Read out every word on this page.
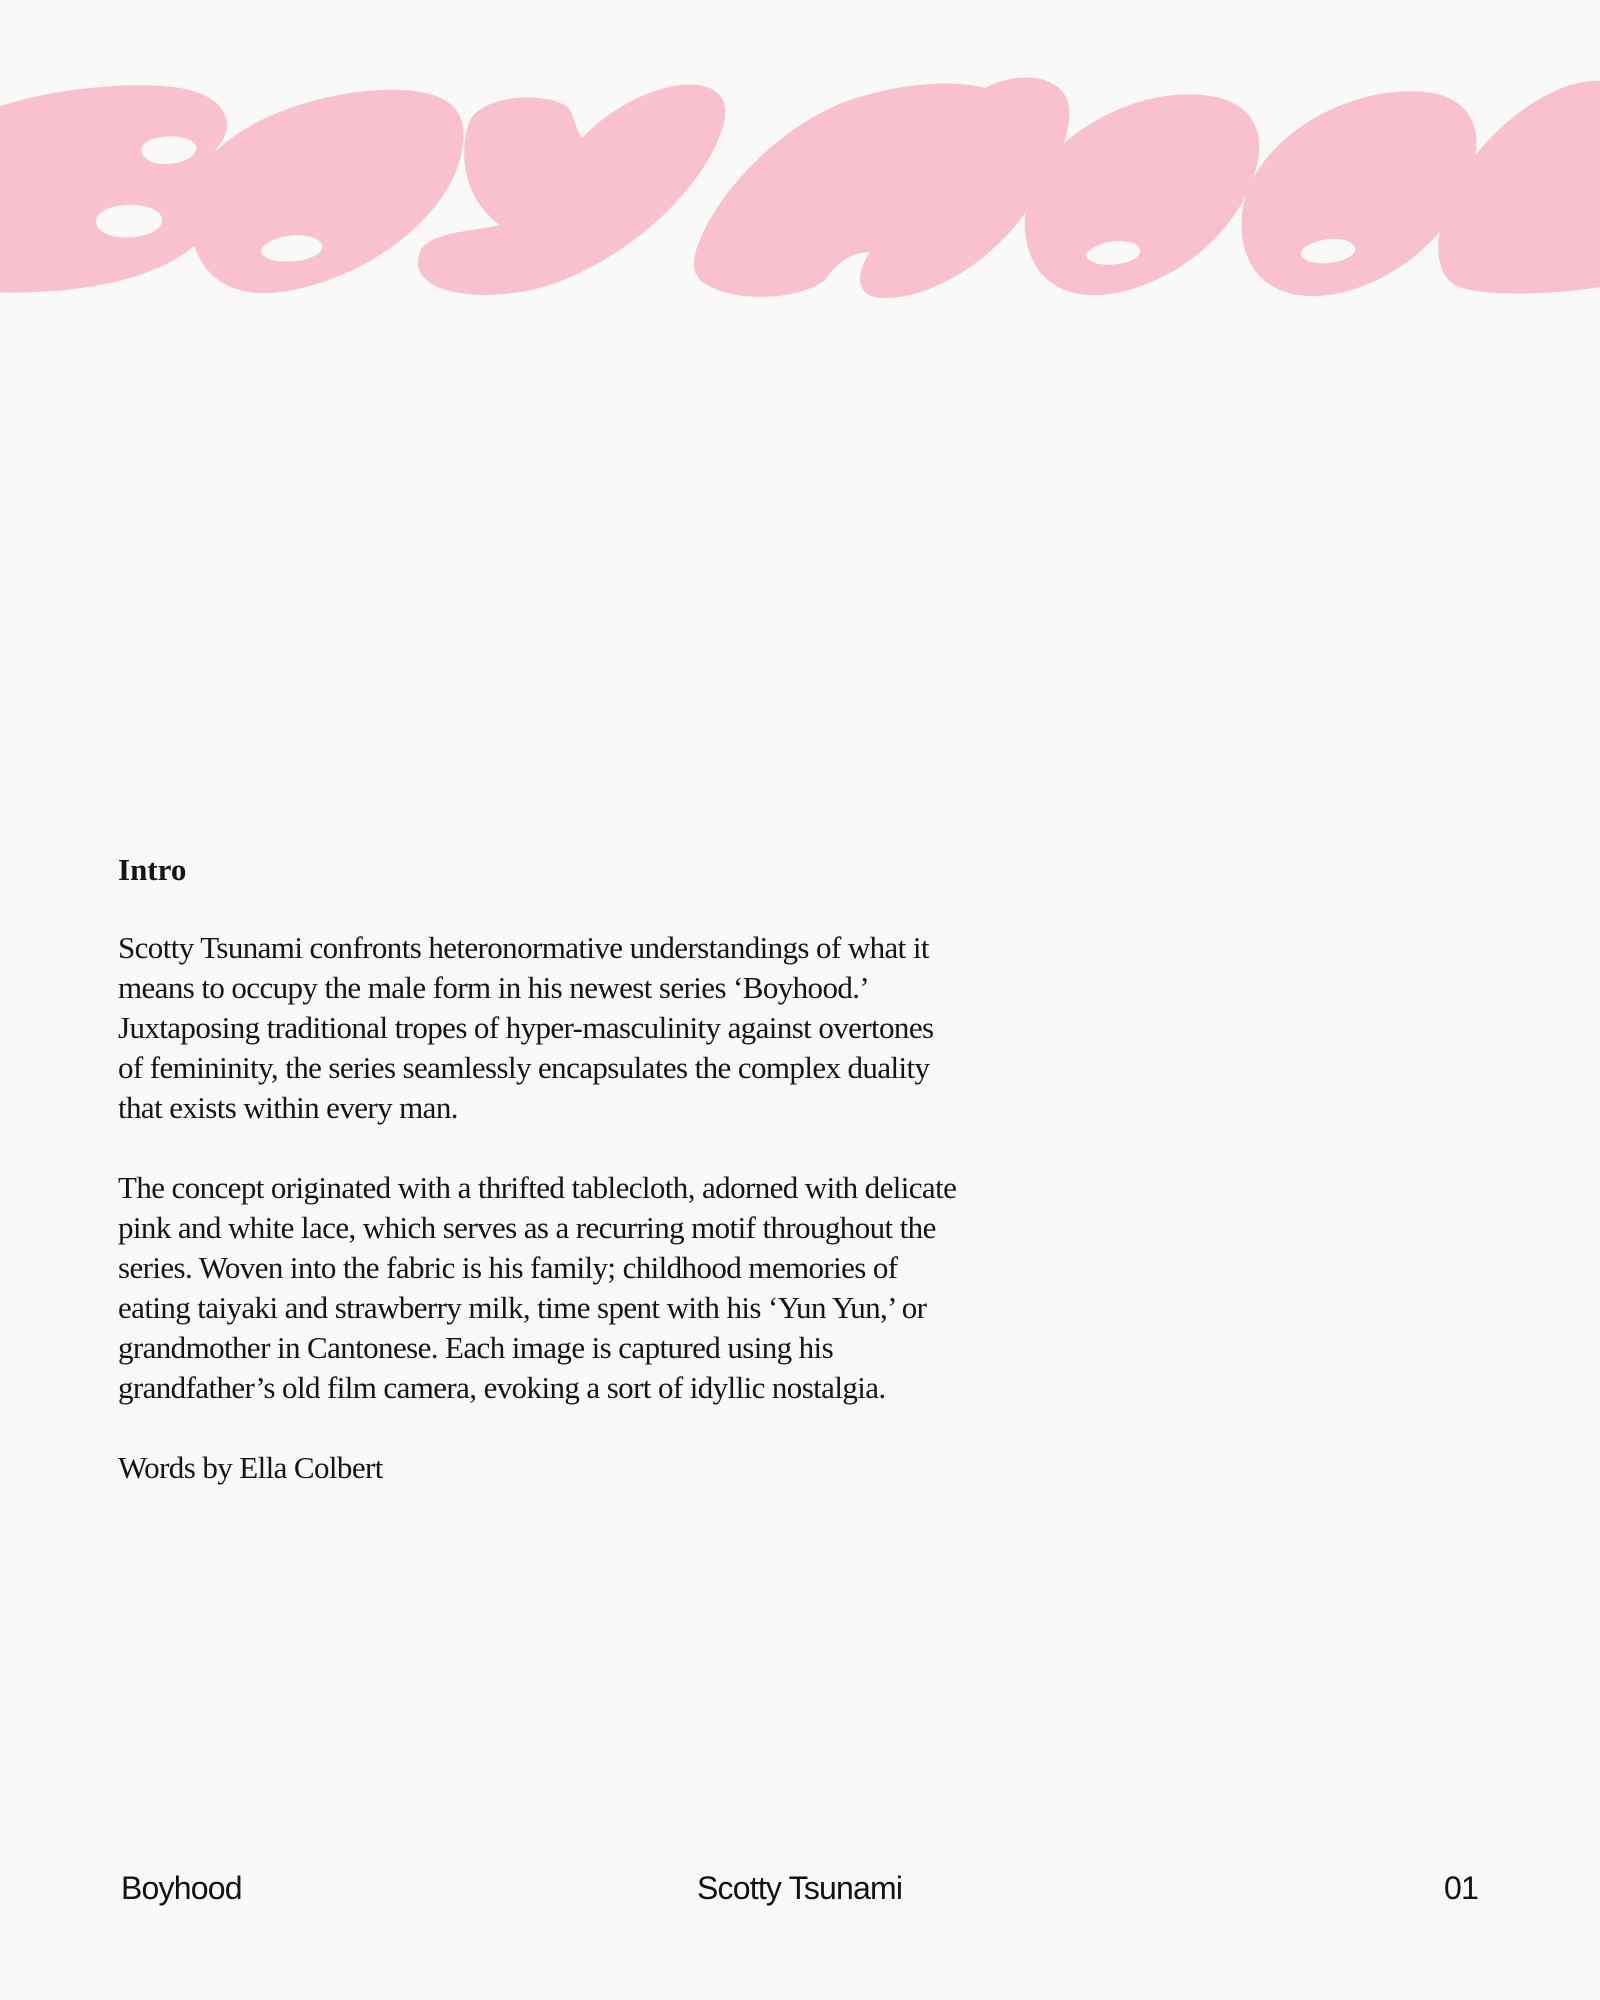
Intro

Scotty Tsunami confronts heteronormative understandings of what it means to occupy the male form in his newest series ‘Boyhood.’ Juxtaposing traditional tropes of hyper-masculinity against overtones of femininity, the series seamlessly encapsulates the complex duality that exists within every man.

The concept originated with a thrifted tablecloth, adorned with delicate pink and white lace, which serves as a recurring motif throughout the series. Woven into the fabric is his family; childhood memories of eating taiyaki and strawberry milk, time spent with his ‘Yun Yun,’ or grandmother in Cantonese. Each image is captured using his grandfather’s old film camera, evoking a sort of idyllic nostalgia.

Words by Ella Colbert

Boyhood	Scotty Tsunami	01
